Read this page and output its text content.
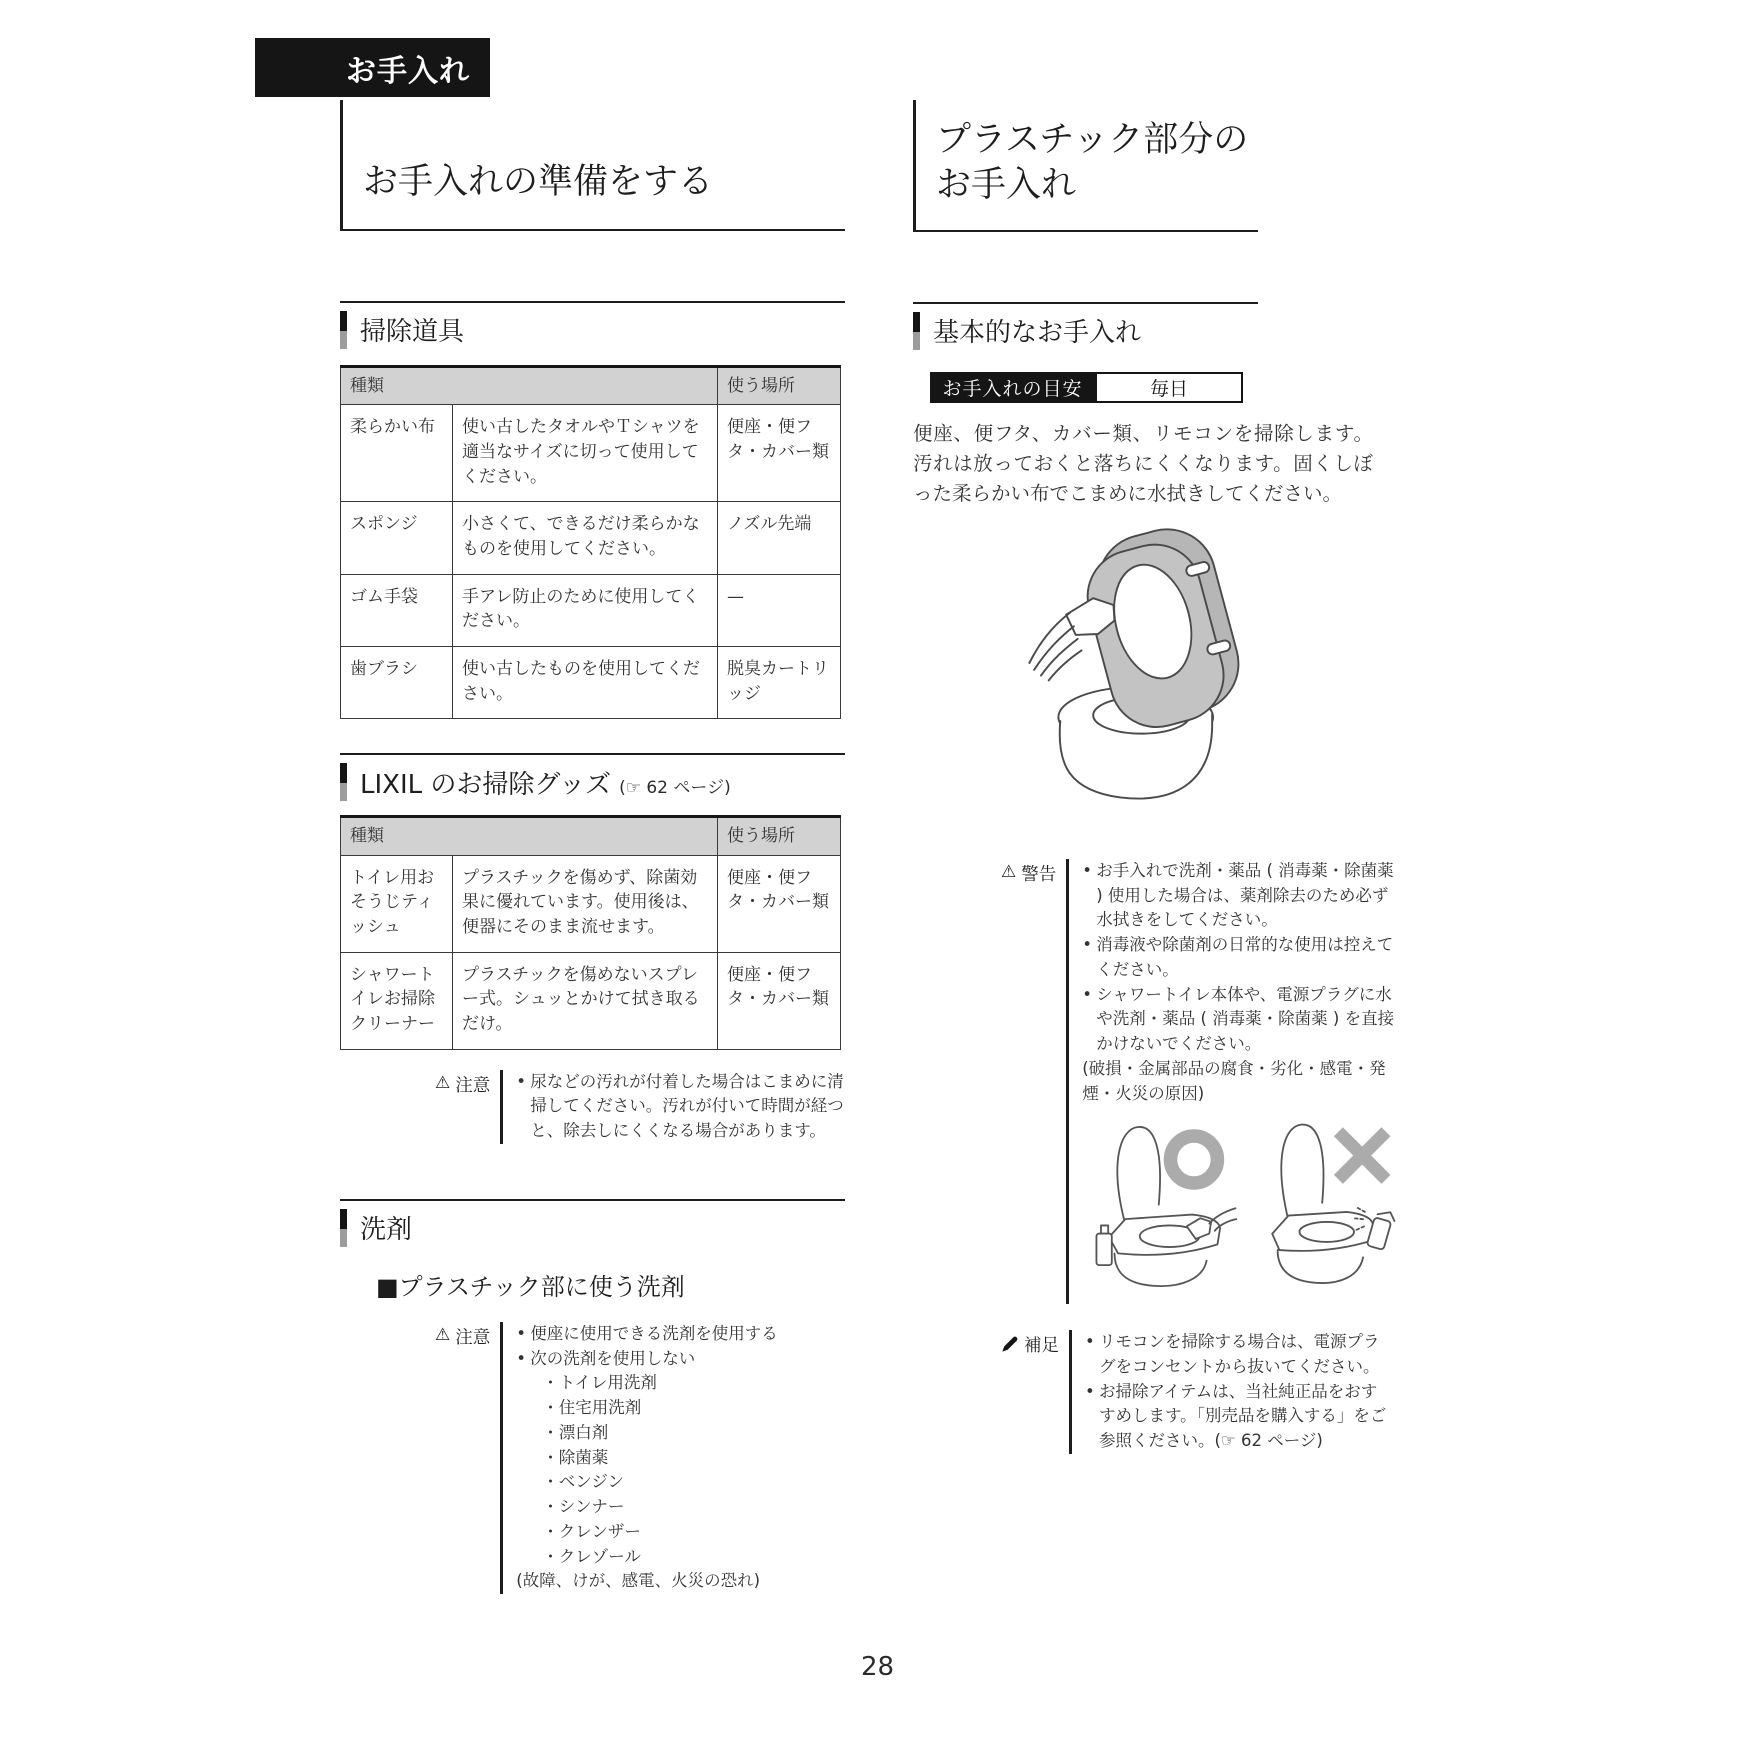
お手入れ
お手入れの準備をする
掃除道具
種類		使う場所
柔らかい布	使い古したタオルやＴシャツを適当なサイズに切って使用してください。	便座・便フタ・カバー類
スポンジ	小さくて、できるだけ柔らかなものを使用してください。	ノズル先端
ゴム手袋	手アレ防止のために使用してください。	—
歯ブラシ	使い古したものを使用してください。	脱臭カートリッジ
LIXIL のお掃除グッズ (☞ 62 ページ)
種類		使う場所
トイレ用おそうじティッシュ	プラスチックを傷めず、除菌効果に優れています。使用後は、便器にそのまま流せます。	便座・便フタ・カバー類
シャワートイレお掃除クリーナー	プラスチックを傷めないスプレー式。シュッとかけて拭き取るだけ。	便座・便フタ・カバー類
⚠ 注意	• 尿などの汚れが付着した場合はこまめに清掃してください。汚れが付いて時間が経つと、除去しにくくなる場合があります。
洗剤
■プラスチック部に使う洗剤
⚠ 注意	• 便座に使用できる洗剤を使用する
• 次の洗剤を使用しない
・トイレ用洗剤
・住宅用洗剤
・漂白剤
・除菌薬
・ベンジン
・シンナー
・クレンザー
・クレゾール
(故障、けが、感電、火災の恐れ)
プラスチック部分の
お手入れ
基本的なお手入れ
お手入れの目安	毎日
便座、便フタ、カバー類、リモコンを掃除します。汚れは放っておくと落ちにくくなります。固くしぼった柔らかい布でこまめに水拭きしてください。
⚠ 警告	• お手入れで洗剤・薬品 ( 消毒薬・除菌薬 ) 使用した場合は、薬剤除去のため必ず水拭きをしてください。
• 消毒液や除菌剤の日常的な使用は控えてください。
• シャワートイレ本体や、電源プラグに水や洗剤・薬品 ( 消毒薬・除菌薬 ) を直接かけないでください。
(破損・金属部品の腐食・劣化・感電・発煙・火災の原因)
補足	• リモコンを掃除する場合は、電源プラグをコンセントから抜いてください。
• お掃除アイテムは、当社純正品をおすすめします。「別売品を購入する」をご参照ください。(☞ 62 ページ)
28
